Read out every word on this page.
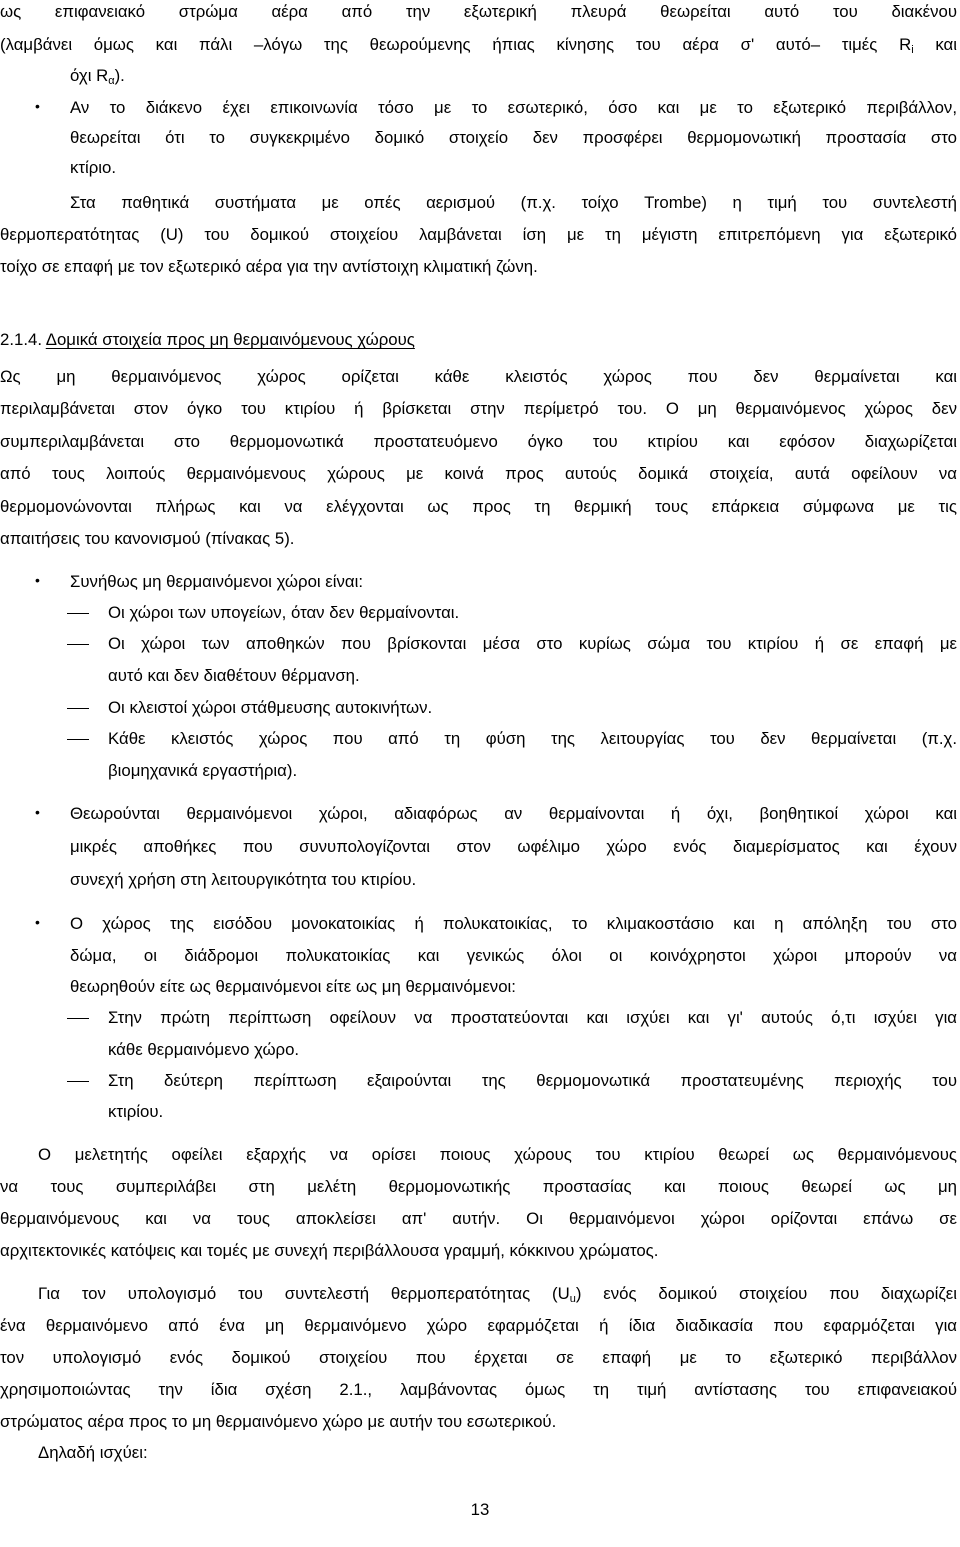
ως επιφανειακό στρώμα αέρα από την εξωτερική πλευρά θεωρείται αυτό του διακένου
(λαμβάνει όμως και πάλι –λόγω της θεωρούμενης ήπιας κίνησης του αέρα σ' αυτό– τιμές $R_i$ και
όχι $R_\alpha$).
• Αν το διάκενο έχει επικοινωνία τόσο με το εσωτερικό, όσο και με το εξωτερικό περιβάλλον,
θεωρείται ότι το συγκεκριμένο δομικό στοιχείο δεν προσφέρει θερμομονωτική προστασία στο
κτίριο.
Στα παθητικά συστήματα με οπές αερισμού (π.χ. τοίχο Trombe) η τιμή του συντελεστή
θερμοπερατότητας (U) του δομικού στοιχείου λαμβάνεται ίση με τη μέγιστη επιτρεπόμενη για εξωτερικό
τοίχο σε επαφή με τον εξωτερικό αέρα για την αντίστοιχη κλιματική ζώνη.
2.1.4. Δομικά στοιχεία προς μη θερμαινόμενους χώρους
Ως μη θερμαινόμενος χώρος ορίζεται κάθε κλειστός χώρος που δεν θερμαίνεται και
περιλαμβάνεται στον όγκο του κτιρίου ή βρίσκεται στην περίμετρό του. Ο μη θερμαινόμενος χώρος δεν
συμπεριλαμβάνεται στο θερμομονωτικά προστατευόμενο όγκο του κτιρίου και εφόσον διαχωρίζεται
από τους λοιπούς θερμαινόμενους χώρους με κοινά προς αυτούς δομικά στοιχεία, αυτά οφείλουν να
θερμομονώνονται πλήρως και να ελέγχονται ως προς τη θερμική τους επάρκεια σύμφωνα με τις
απαιτήσεις του κανονισμού (πίνακας 5).
• Συνήθως μη θερμαινόμενοι χώροι είναι:
Οι χώροι των υπογείων, όταν δεν θερμαίνονται.
Οι χώροι των αποθηκών που βρίσκονται μέσα στο κυρίως σώμα του κτιρίου ή σε επαφή με
αυτό και δεν διαθέτουν θέρμανση.
Οι κλειστοί χώροι στάθμευσης αυτοκινήτων.
Κάθε κλειστός χώρος που από τη φύση της λειτουργίας του δεν θερμαίνεται (π.χ.
βιομηχανικά εργαστήρια).
• Θεωρούνται θερμαινόμενοι χώροι, αδιαφόρως αν θερμαίνονται ή όχι, βοηθητικοί χώροι και
μικρές αποθήκες που συνυπολογίζονται στον ωφέλιμο χώρο ενός διαμερίσματος και έχουν
συνεχή χρήση στη λειτουργικότητα του κτιρίου.
• Ο χώρος της εισόδου μονοκατοικίας ή πολυκατοικίας, το κλιμακοστάσιο και η απόληξη του στο
δώμα, οι διάδρομοι πολυκατοικίας και γενικώς όλοι οι κοινόχρηστοι χώροι μπορούν να
θεωρηθούν είτε ως θερμαινόμενοι είτε ως μη θερμαινόμενοι:
Στην πρώτη περίπτωση οφείλουν να προστατεύονται και ισχύει και γι' αυτούς ό,τι ισχύει για
κάθε θερμαινόμενο χώρο.
Στη δεύτερη περίπτωση εξαιρούνται της θερμομονωτικά προστατευμένης περιοχής του
κτιρίου.
Ο μελετητής οφείλει εξαρχής να ορίσει ποιους χώρους του κτιρίου θεωρεί ως θερμαινόμενους
να τους συμπεριλάβει στη μελέτη θερμομονωτικής προστασίας και ποιους θεωρεί ως μη
θερμαινόμενους και να τους αποκλείσει απ' αυτήν. Οι θερμαινόμενοι χώροι ορίζονται επάνω σε
αρχιτεκτονικές κατόψεις και τομές με συνεχή περιβάλλουσα γραμμή, κόκκινου χρώματος.
Για τον υπολογισμό του συντελεστή θερμοπερατότητας $(U_u)$ ενός δομικού στοιχείου που διαχωρίζει
ένα θερμαινόμενο από ένα μη θερμαινόμενο χώρο εφαρμόζεται ή ίδια διαδικασία που εφαρμόζεται για
τον υπολογισμό ενός δομικού στοιχείου που έρχεται σε επαφή με το εξωτερικό περιβάλλον
χρησιμοποιώντας την ίδια σχέση 2.1., λαμβάνοντας όμως τη τιμή αντίστασης του επιφανειακού
στρώματος αέρα προς το μη θερμαινόμενο χώρο με αυτήν του εσωτερικού.
Δηλαδή ισχύει:
13
